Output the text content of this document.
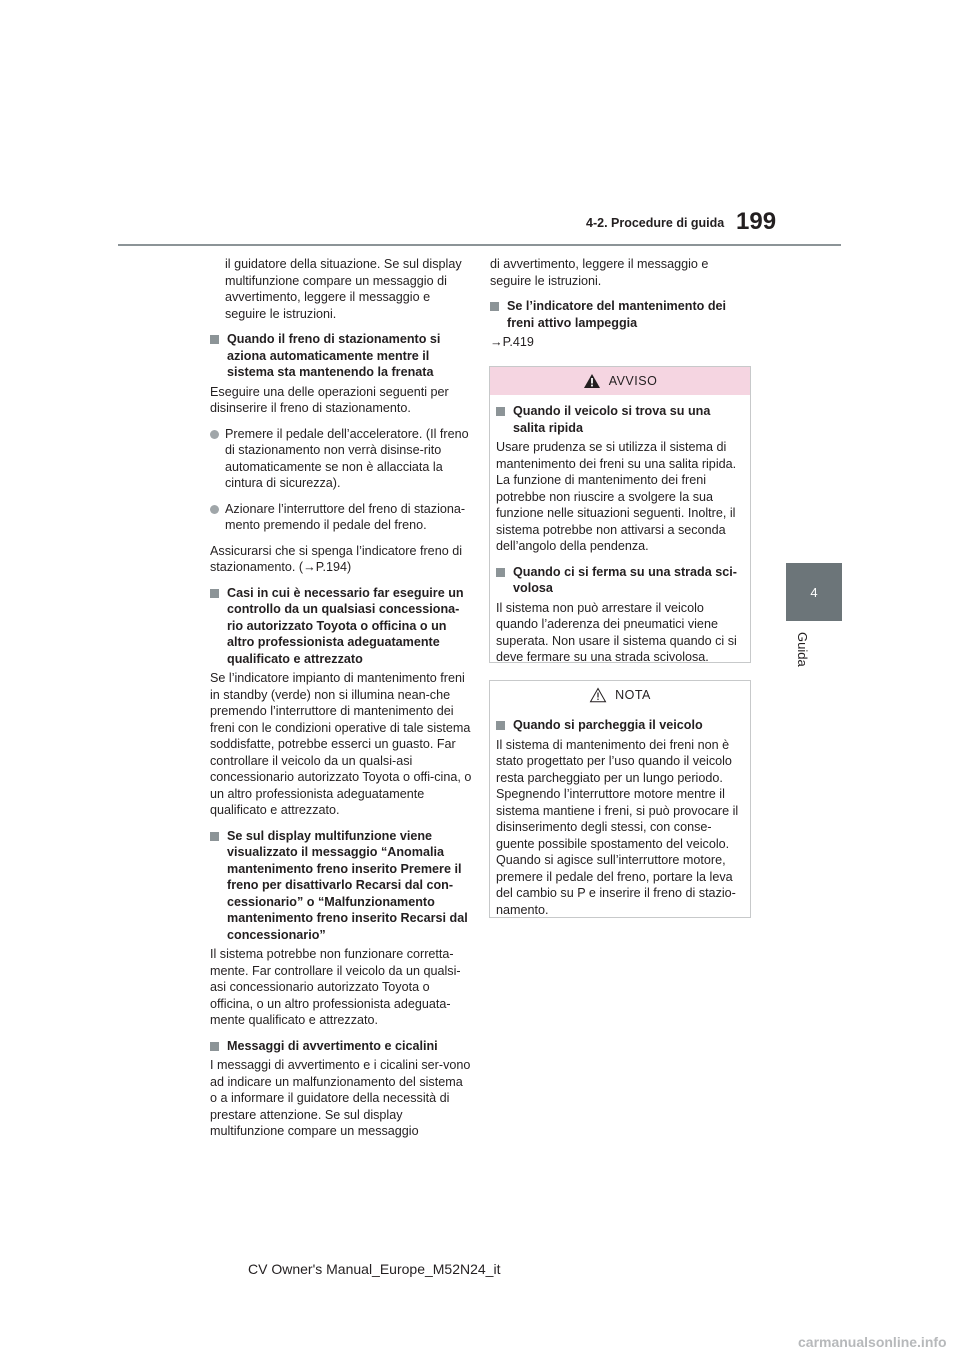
4-2. Procedure di guida 199
4
Guida

il guidatore della situazione. Se sul display multifunzione compare un messaggio di avvertimento, leggere il messaggio e seguire le istruzioni.

Quando il freno di stazionamento si aziona automaticamente mentre il sistema sta mantenendo la frenata

Eseguire una delle operazioni seguenti per disinserire il freno di stazionamento.

Premere il pedale dell’acceleratore. (Il freno di stazionamento non verrà disinse-rito automaticamente se non è allacciata la cintura di sicurezza).
Azionare l’interruttore del freno di staziona-mento premendo il pedale del freno.

Assicurarsi che si spenga l’indicatore freno di stazionamento. (→P.194)

Casi in cui è necessario far eseguire un controllo da un qualsiasi concessiona-rio autorizzato Toyota o officina o un altro professionista adeguatamente qualificato e attrezzato

Se l’indicatore impianto di mantenimento freni in standby (verde) non si illumina nean-che premendo l’interruttore di mantenimento dei freni con le condizioni operative di tale sistema soddisfatte, potrebbe esserci un guasto. Far controllare il veicolo da un qualsi-asi concessionario autorizzato Toyota o offi-cina, o un altro professionista adeguatamente qualificato e attrezzato.

Se sul display multifunzione viene visualizzato il messaggio “Anomalia mantenimento freno inserito Premere il freno per disattivarlo Recarsi dal con-cessionario” o “Malfunzionamento mantenimento freno inserito Recarsi dal concessionario”

Il sistema potrebbe non funzionare corretta-mente. Far controllare il veicolo da un qualsi-asi concessionario autorizzato Toyota o officina, o un altro professionista adeguata-mente qualificato e attrezzato.

Messaggi di avvertimento e cicalini

I messaggi di avvertimento e i cicalini ser-vono ad indicare un malfunzionamento del sistema o a informare il guidatore della necessità di prestare attenzione. Se sul display multifunzione compare un messaggio

di avvertimento, leggere il messaggio e seguire le istruzioni.

Se l’indicatore del mantenimento dei freni attivo lampeggia

→P.419

AVVISO
Quando il veicolo si trova su una salita ripida

Usare prudenza se si utilizza il sistema di mantenimento dei freni su una salita ripida. La funzione di mantenimento dei freni potrebbe non riuscire a svolgere la sua funzione nelle situazioni seguenti. Inoltre, il sistema potrebbe non attivarsi a seconda dell’angolo della pendenza.

Quando ci si ferma su una strada sci-volosa

Il sistema non può arrestare il veicolo quando l’aderenza dei pneumatici viene superata. Non usare il sistema quando ci si deve fermare su una strada scivolosa.

NOTA
Quando si parcheggia il veicolo

Il sistema di mantenimento dei freni non è stato progettato per l’uso quando il veicolo resta parcheggiato per un lungo periodo. Spegnendo l’interruttore motore mentre il sistema mantiene i freni, si può provocare il disinserimento degli stessi, con conse-guente possibile spostamento del veicolo. Quando si agisce sull’interruttore motore, premere il pedale del freno, portare la leva del cambio su P e inserire il freno di stazio-namento.

CV Owner's Manual_Europe_M52N24_it
carmanualsonline.info
